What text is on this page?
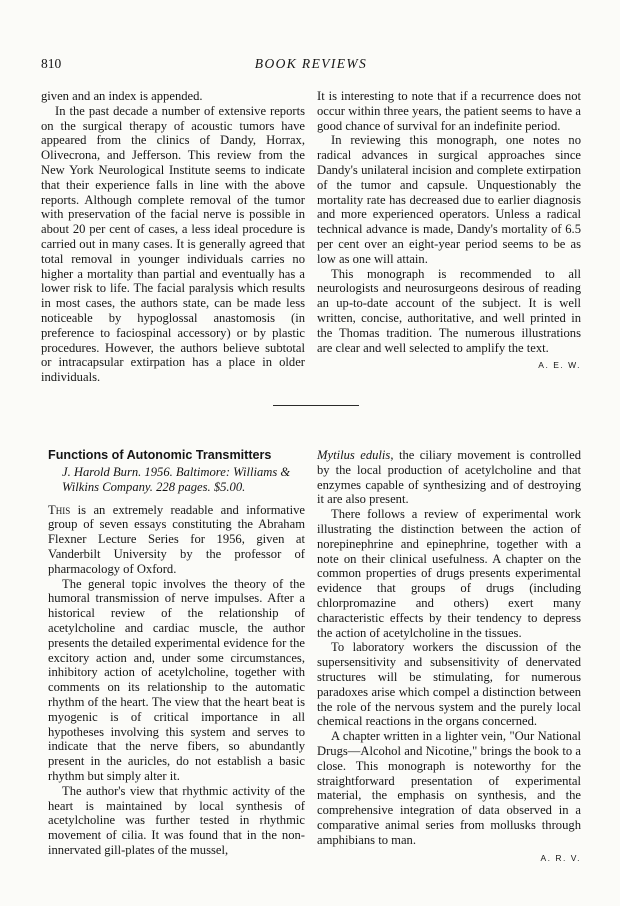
810	BOOK REVIEWS

given and an index is appended.

In the past decade a number of extensive reports on the surgical therapy of acoustic tumors have appeared from the clinics of Dandy, Horrax, Olivecrona, and Jefferson. This review from the New York Neurological Institute seems to indicate that their experience falls in line with the above reports. Although complete removal of the tumor with preservation of the facial nerve is possible in about 20 per cent of cases, a less ideal procedure is carried out in many cases. It is generally agreed that total removal in younger individuals carries no higher a mortality than partial and eventually has a lower risk to life. The facial paralysis which results in most cases, the authors state, can be made less noticeable by hypoglossal anastomosis (in preference to faciospinal accessory) or by plastic procedures. However, the authors believe subtotal or intracapsular extirpation has a place in older individuals.

It is interesting to note that if a recurrence does not occur within three years, the patient seems to have a good chance of survival for an indefinite period.

In reviewing this monograph, one notes no radical advances in surgical approaches since Dandy's unilateral incision and complete extirpation of the tumor and capsule. Unquestionably the mortality rate has decreased due to earlier diagnosis and more experienced operators. Unless a radical technical advance is made, Dandy's mortality of 6.5 per cent over an eight-year period seems to be as low as one will attain.

This monograph is recommended to all neurologists and neurosurgeons desirous of reading an up-to-date account of the subject. It is well written, concise, authoritative, and well printed in the Thomas tradition. The numerous illustrations are clear and well selected to amplify the text.

A. E. W.
Functions of Autonomic Transmitters
J. Harold Burn. 1956. Baltimore: Williams & Wilkins Company. 228 pages. $5.00.

This is an extremely readable and informative group of seven essays constituting the Abraham Flexner Lecture Series for 1956, given at Vanderbilt University by the professor of pharmacology of Oxford.

The general topic involves the theory of the humoral transmission of nerve impulses. After a historical review of the relationship of acetylcholine and cardiac muscle, the author presents the detailed experimental evidence for the excitory action and, under some circumstances, inhibitory action of acetylcholine, together with comments on its relationship to the automatic rhythm of the heart. The view that the heart beat is myogenic is of critical importance in all hypotheses involving this system and serves to indicate that the nerve fibers, so abundantly present in the auricles, do not establish a basic rhythm but simply alter it.

The author's view that rhythmic activity of the heart is maintained by local synthesis of acetylcholine was further tested in rhythmic movement of cilia. It was found that in the non-innervated gill-plates of the mussel,

Mytilus edulis, the ciliary movement is controlled by the local production of acetylcholine and that enzymes capable of synthesizing and of destroying it are also present.

There follows a review of experimental work illustrating the distinction between the action of norepinephrine and epinephrine, together with a note on their clinical usefulness. A chapter on the common properties of drugs presents experimental evidence that groups of drugs (including chlorpromazine and others) exert many characteristic effects by their tendency to depress the action of acetylcholine in the tissues.

To laboratory workers the discussion of the supersensitivity and subsensitivity of denervated structures will be stimulating, for numerous paradoxes arise which compel a distinction between the role of the nervous system and the purely local chemical reactions in the organs concerned.

A chapter written in a lighter vein, "Our National Drugs—Alcohol and Nicotine," brings the book to a close. This monograph is noteworthy for the straightforward presentation of experimental material, the emphasis on synthesis, and the comprehensive integration of data observed in a comparative animal series from mollusks through amphibians to man.

A. R. V.
